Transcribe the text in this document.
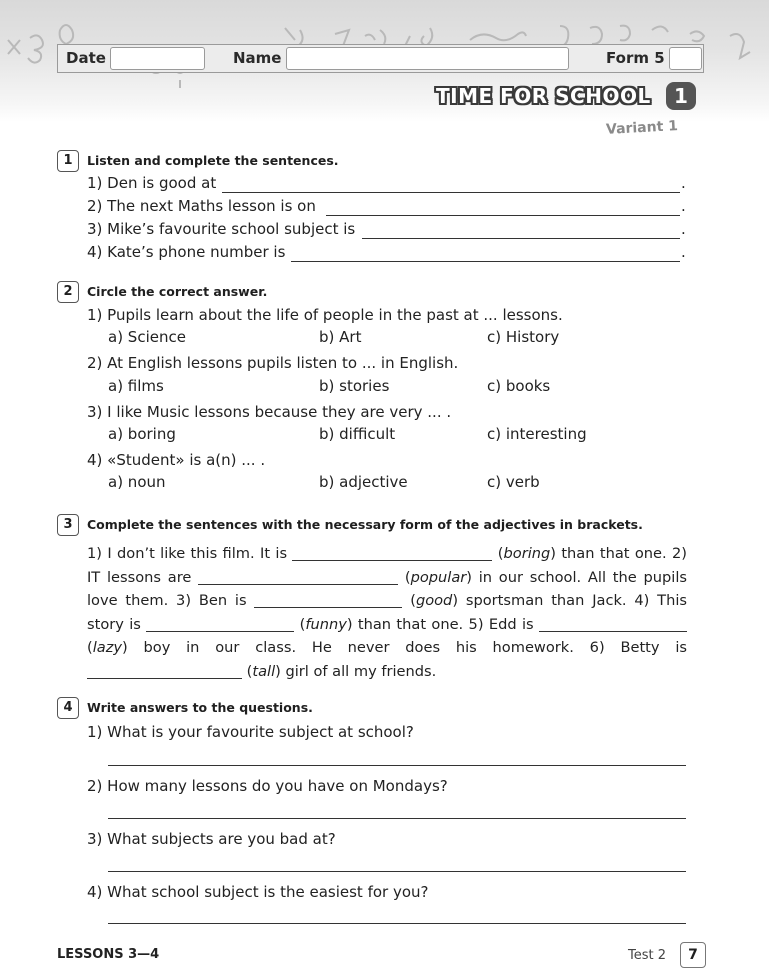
Date	Name	Form 5
TIME FOR SCHOOL	1
Variant 1
1	Listen and complete the sentences.
1) Den is good at	.
2) The next Maths lesson is on	.
3) Mike’s favourite school subject is	.
4) Kate’s phone number is	.
2	Circle the correct answer.
1) Pupils learn about the life of people in the past at ... lessons.
a) Science	b) Art	c) History
2) At English lessons pupils listen to ... in English.
a) films	b) stories	c) books
3) I like Music lessons because they are very ... .
a) boring	b) difficult	c) interesting
4) «Student» is a(n) ... .
a) noun	b) adjective	c) verb
3	Complete the sentences with the necessary form of the adjectives in brackets.
1) I don’t like this film. It is	(boring) than that one. 2) IT lessons are	(popular) in our school. All the pupils love them. 3) Ben is	(good) sportsman than Jack. 4) This story is	(funny) than that one. 5) Edd is  (lazy) boy in our class. He never does his homework. 6) Betty is  (tall) girl of all my friends.
4	Write answers to the questions.
1) What is your favourite subject at school?
2) How many lessons do you have on Mondays?
3) What subjects are you bad at?
4) What school subject is the easiest for you?
LESSONS 3—4	Test 2	7
